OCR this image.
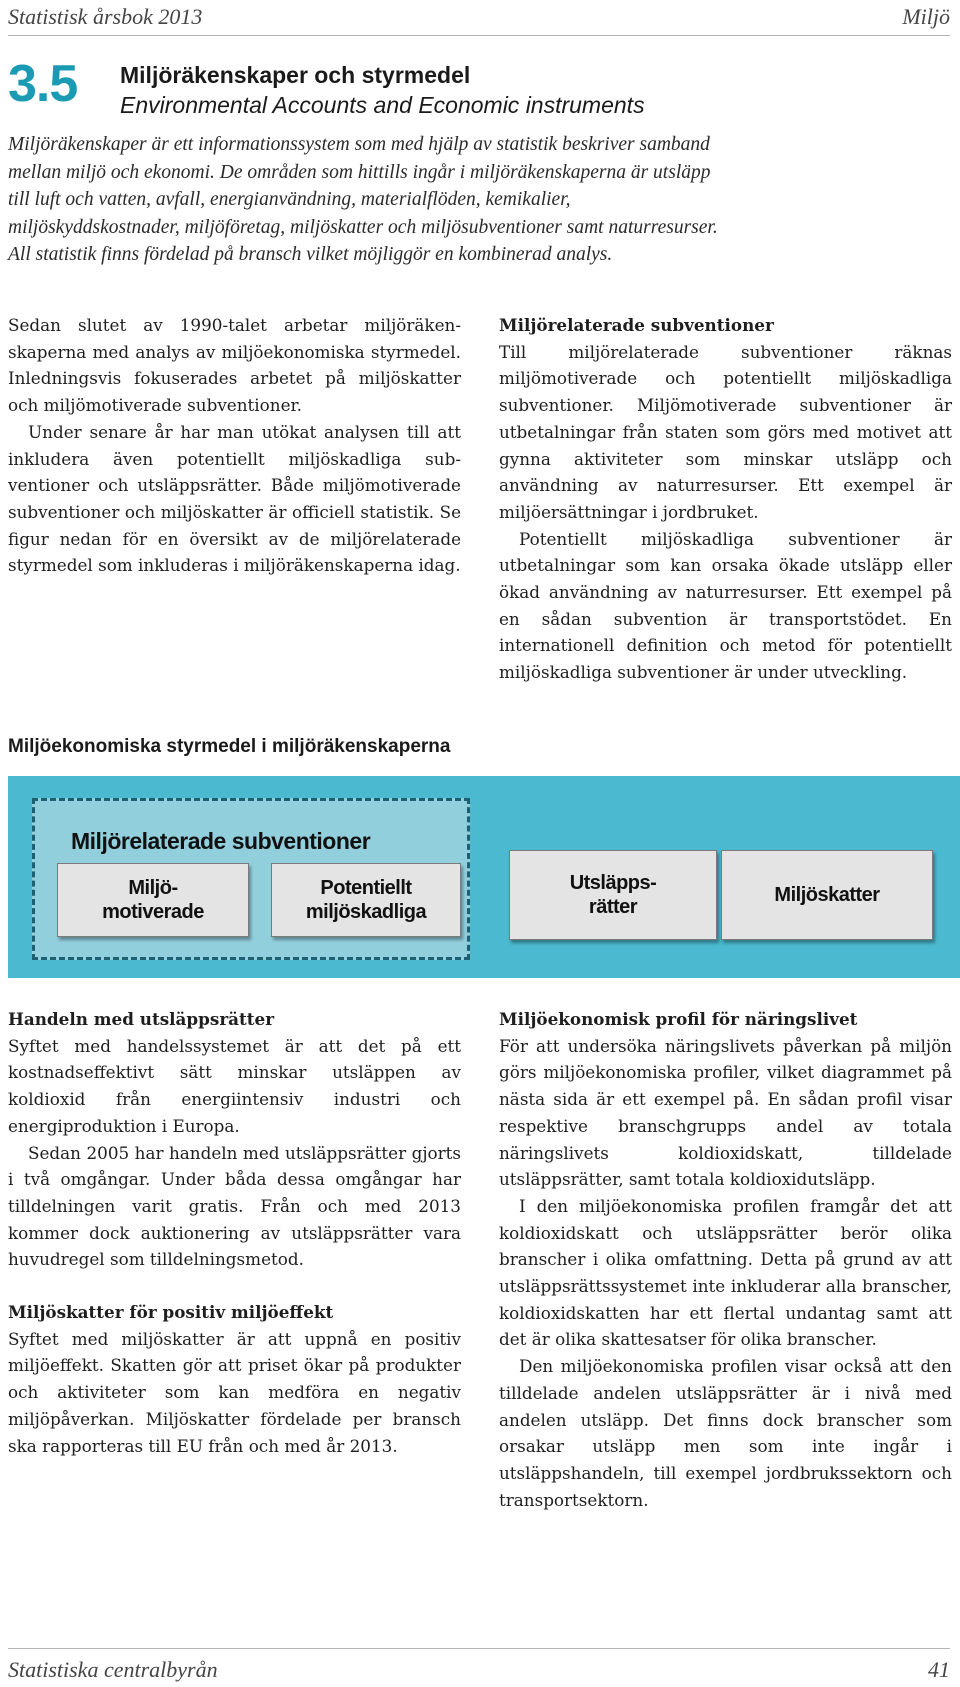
Statistisk årsbok 2013	Miljö
3.5 Miljöräkenskaper och styrmedel
Environmental Accounts and Economic instruments
Miljöräkenskaper är ett informationssystem som med hjälp av statistik beskriver samband mellan miljö och ekonomi. De områden som hittills ingår i miljöräkenskaperna är utsläpp till luft och vatten, avfall, energianvändning, materialflöden, kemikalier, miljöskyddskostnader, miljöföretag, miljöskatter och miljösubventioner samt naturresurser. All statistik finns fördelad på bransch vilket möjliggör en kombinerad analys.

Sedan slutet av 1990-talet arbetar miljöräkenskaperna med analys av miljöekonomiska styrmedel. Inledningsvis fokuserades arbetet på miljöskatter och miljömotiverade subventioner.

Under senare år har man utökat analysen till att inkludera även potentiellt miljöskadliga subventioner och utsläppsrätter. Både miljömotiverade subventioner och miljöskatter är officiell statistik. Se figur nedan för en översikt av de miljörelaterade styrmedel som inkluderas i miljöräkenskaperna idag.

Miljörelaterade subventioner

Till miljörelaterade subventioner räknas miljömotiverade och potentiellt miljöskadliga subventioner. Miljömotiverade subventioner är utbetalningar från staten som görs med motivet att gynna aktiviteter som minskar utsläpp och användning av naturresurser. Ett exempel är miljöersättningar i jordbruket.

Potentiellt miljöskadliga subventioner är utbetalningar som kan orsaka ökade utsläpp eller ökad användning av naturresurser. Ett exempel på en sådan subvention är transportstödet. En internationell definition och metod för potentiellt miljöskadliga subventioner är under utveckling.

Miljöekonomiska styrmedel i miljöräkenskaperna
Miljörelaterade subventioner
Miljö-
motiverade
Potentiellt
miljöskadliga
Utsläpps-
rätter
Miljöskatter
Handeln med utsläppsrätter

Syftet med handelssystemet är att det på ett kostnadseffektivt sätt minskar utsläppen av koldioxid från energiintensiv industri och energiproduktion i Europa.

Sedan 2005 har handeln med utsläppsrätter gjorts i två omgångar. Under båda dessa omgångar har tilldelningen varit gratis. Från och med 2013 kommer dock auktionering av utsläppsrätter vara huvudregel som tilldelningsmetod.

Miljöskatter för positiv miljöeffekt

Syftet med miljöskatter är att uppnå en positiv miljöeffekt. Skatten gör att priset ökar på produkter och aktiviteter som kan medföra en negativ miljöpåverkan. Miljöskatter fördelade per bransch ska rapporteras till EU från och med år 2013.

Miljöekonomisk profil för näringslivet

För att undersöka näringslivets påverkan på miljön görs miljöekonomiska profiler, vilket diagrammet på nästa sida är ett exempel på. En sådan profil visar respektive branschgrupps andel av totala näringslivets koldioxidskatt, tilldelade utsläppsrätter, samt totala koldioxidutsläpp.

I den miljöekonomiska profilen framgår det att koldioxidskatt och utsläppsrätter berör olika branscher i olika omfattning. Detta på grund av att utsläppsrättssystemet inte inkluderar alla branscher, koldioxidskatten har ett flertal undantag samt att det är olika skattesatser för olika branscher.

Den miljöekonomiska profilen visar också att den tilldelade andelen utsläppsrätter är i nivå med andelen utsläpp. Det finns dock branscher som orsakar utsläpp men som inte ingår i utsläppshandeln, till exempel jordbrukssektorn och transportsektorn.

Statistiska centralbyrån	41
